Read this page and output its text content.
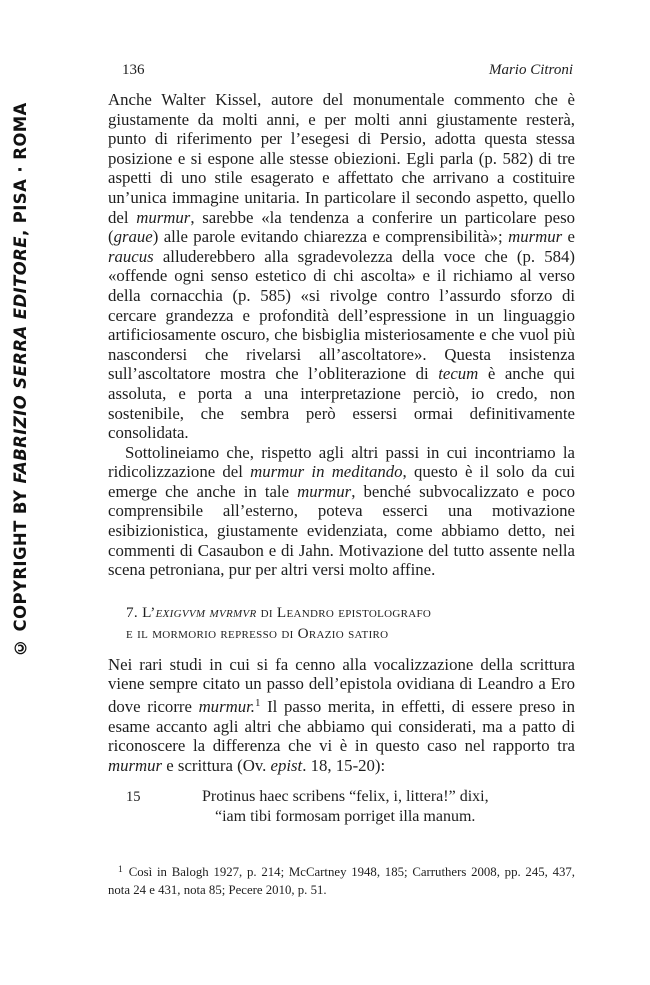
© COPYRIGHT BY FABRIZIO SERRA EDITORE, PISA · ROMA
136	Mario Citroni

Anche Walter Kissel, autore del monumentale commento che è giustamente da molti anni, e per molti anni giustamente resterà, punto di riferimento per l’esegesi di Persio, adotta questa stessa posizione e si espone alle stesse obiezioni. Egli parla (p. 582) di tre aspetti di uno stile esagerato e affettato che arrivano a costituire un’unica immagine unitaria. In particolare il secondo aspetto, quello del murmur, sarebbe «la tendenza a conferire un particolare peso (graue) alle parole evitando chiarezza e comprensibilità»; murmur e raucus alluderebbero alla sgradevolezza della voce che (p. 584) «offende ogni senso estetico di chi ascolta» e il richiamo al verso della cornacchia (p. 585) «si rivolge contro l’assurdo sforzo di cercare grandezza e profondità dell’espressione in un linguaggio artificiosamente oscuro, che bisbiglia misteriosamente e che vuol più nascondersi che rivelarsi all’ascoltatore». Questa insistenza sull’ascoltatore mostra che l’obliterazione di tecum è anche qui assoluta, e porta a una interpretazione perciò, io credo, non sostenibile, che sembra però essersi ormai definitivamente consolidata.

Sottolineiamo che, rispetto agli altri passi in cui incontriamo la ridicolizzazione del murmur in meditando, questo è il solo da cui emerge che anche in tale murmur, benché subvocalizzato e poco comprensibile all’esterno, poteva esserci una motivazione esibizionistica, giustamente evidenziata, come abbiamo detto, nei commenti di Casaubon e di Jahn. Motivazione del tutto assente nella scena petroniana, pur per altri versi molto affine.

7. L’exigvvm mvrmvr di Leandro epistolografo
e il mormorio represso di Orazio satiro

Nei rari studi in cui si fa cenno alla vocalizzazione della scrittura viene sempre citato un passo dell’epistola ovidiana di Leandro a Ero dove ricorre murmur.$^1$ Il passo merita, in effetti, di essere preso in esame accanto agli altri che abbiamo qui considerati, ma a patto di riconoscere la differenza che vi è in questo caso nel rapporto tra murmur e scrittura (Ov. epist. 18, 15-20):

15	Protinus haec scribens “felix, i, littera!” dixi,
“iam tibi formosam porriget illa manum.
$^1$ Così in Balogh 1927, p. 214; McCartney 1948, 185; Carruthers 2008, pp. 245, 437, nota 24 e 431, nota 85; Pecere 2010, p. 51.
